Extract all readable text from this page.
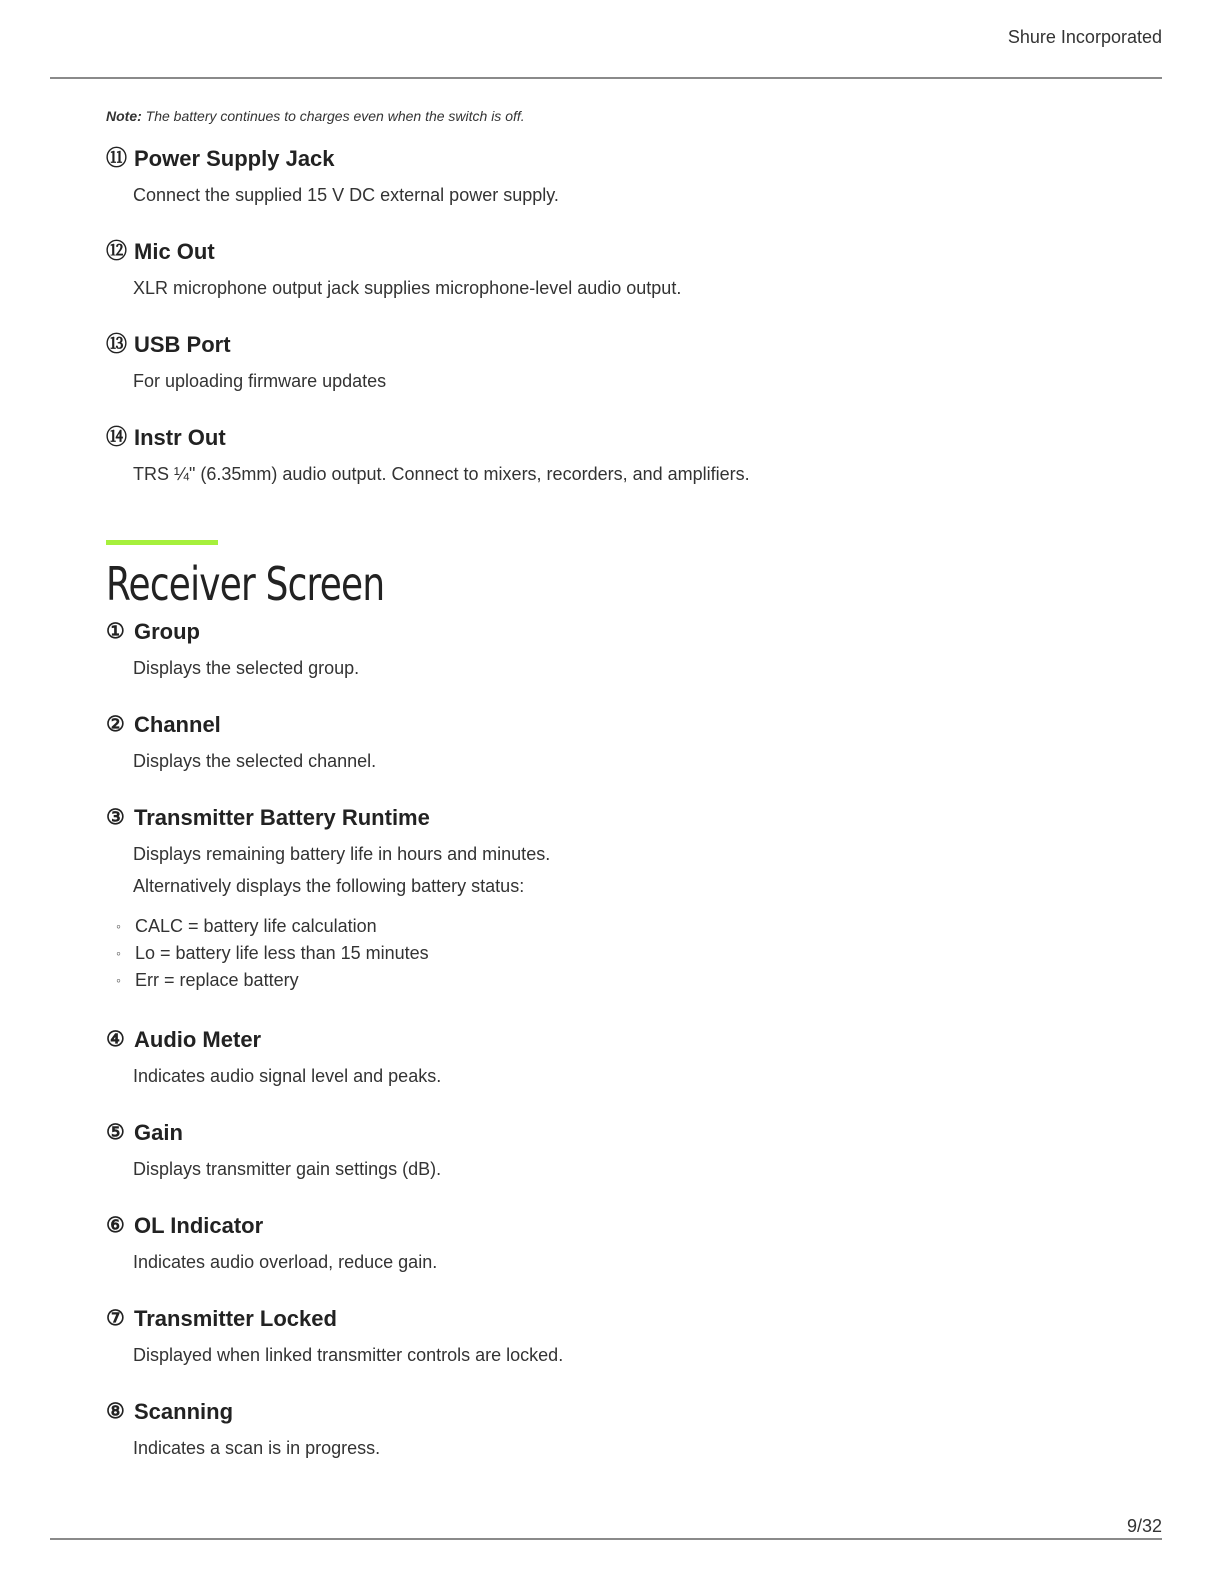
Shure Incorporated

Note: The battery continues to charges even when the switch is off.

⑪ Power Supply Jack
Connect the supplied 15 V DC external power supply.
⑫ Mic Out
XLR microphone output jack supplies microphone-level audio output.
⑬ USB Port
For uploading firmware updates
⑭ Instr Out
TRS ¼" (6.35mm) audio output. Connect to mixers, recorders, and amplifiers.
Receiver Screen
① Group
Displays the selected group.
② Channel
Displays the selected channel.
③ Transmitter Battery Runtime
Displays remaining battery life in hours and minutes.
Alternatively displays the following battery status:
◦ CALC = battery life calculation
◦ Lo = battery life less than 15 minutes
◦ Err = replace battery
④ Audio Meter
Indicates audio signal level and peaks.
⑤ Gain
Displays transmitter gain settings (dB).
⑥ OL Indicator
Indicates audio overload, reduce gain.
⑦ Transmitter Locked
Displayed when linked transmitter controls are locked.
⑧ Scanning
Indicates a scan is in progress.
9/32
